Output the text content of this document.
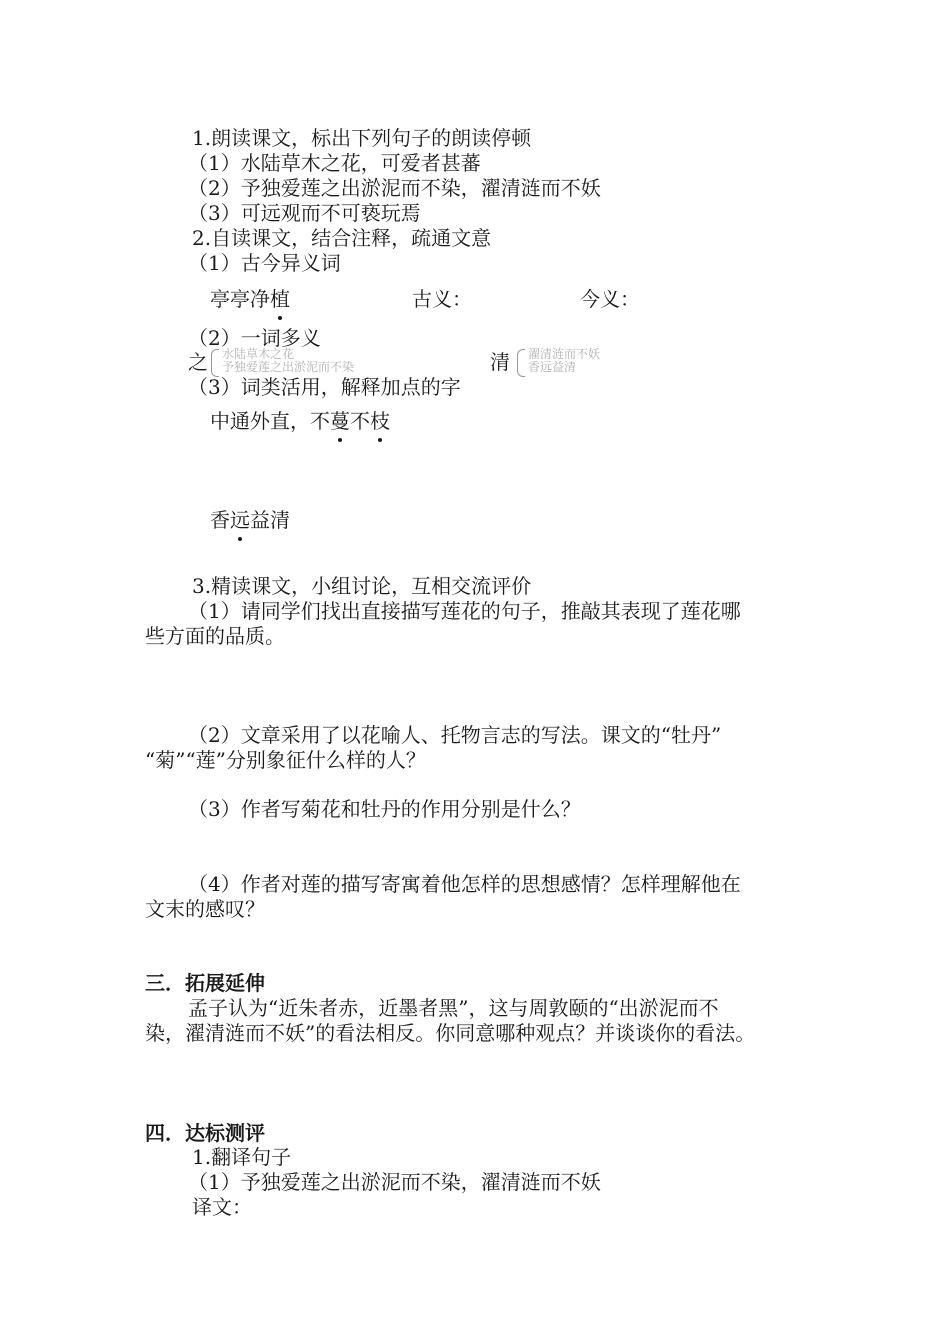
1.朗读课文，标出下列句子的朗读停顿
（1）水陆草木之花，可爱者甚蕃
（2）予独爱莲之出淤泥而不染，濯清涟而不妖
（3）可远观而不可亵玩焉
2.自读课文，结合注释，疏通文意
（1）古今异义词
亭亭净植	古义：	今义：
（2）一词多义
之 水陆草木之花
予独爱莲之出淤泥而不染	清 濯清涟而不妖
香远益清
（3）词类活用，解释加点的字
中通外直，不蔓不枝
香远益清
3.精读课文，小组讨论，互相交流评价
（1）请同学们找出直接描写莲花的句子，推敲其表现了莲花哪
些方面的品质。
（2）文章采用了以花喻人、托物言志的写法。课文的“牡丹”
“菊”“莲”分别象征什么样的人？
（3）作者写菊花和牡丹的作用分别是什么？
（4）作者对莲的描写寄寓着他怎样的思想感情？怎样理解他在
文末的感叹？
三．拓展延伸
孟子认为“近朱者赤，近墨者黑”，这与周敦颐的“出淤泥而不
染，濯清涟而不妖”的看法相反。你同意哪种观点？并谈谈你的看法。
四．达标测评
1.翻译句子
（1）予独爱莲之出淤泥而不染，濯清涟而不妖
译文：
